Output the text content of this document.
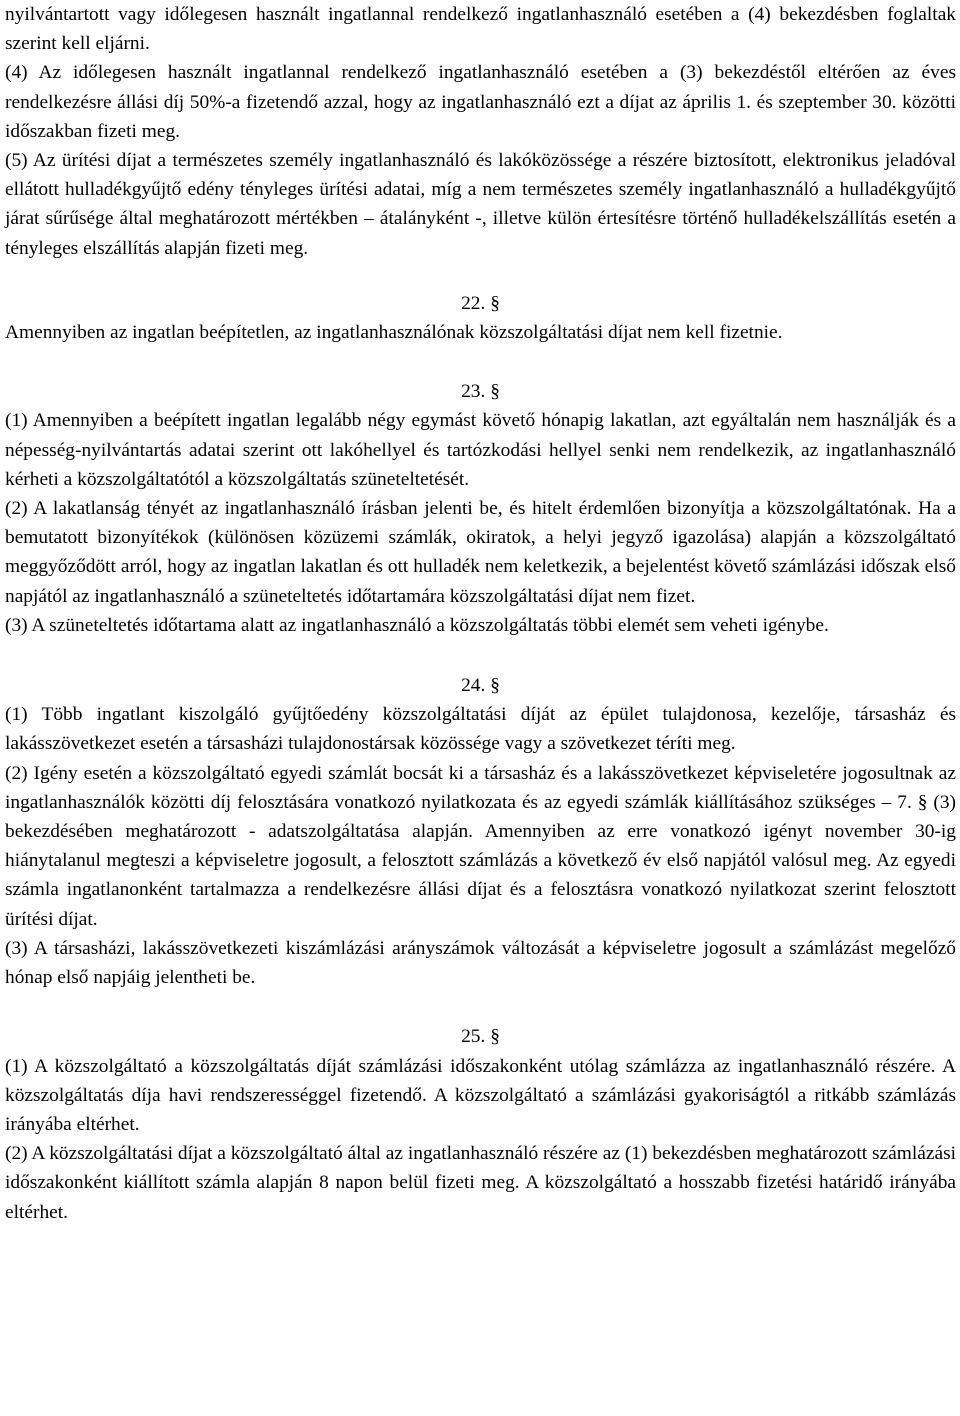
nyilvántartott vagy időlegesen használt ingatlannal rendelkező ingatlanhasználó esetében a (4) bekezdésben foglaltak szerint kell eljárni.

(4) Az időlegesen használt ingatlannal rendelkező ingatlanhasználó esetében a (3) bekezdéstől eltérően az éves rendelkezésre állási díj 50%-a fizetendő azzal, hogy az ingatlanhasználó ezt a díjat az április 1. és szeptember 30. közötti időszakban fizeti meg.

(5) Az ürítési díjat a természetes személy ingatlanhasználó és lakóközössége a részére biztosított, elektronikus jeladóval ellátott hulladékgyűjtő edény tényleges ürítési adatai, míg a nem természetes személy ingatlanhasználó a hulladékgyűjtő járat sűrűsége által meghatározott mértékben – átalányként -, illetve külön értesítésre történő hulladékelszállítás esetén a tényleges elszállítás alapján fizeti meg.

22. §

Amennyiben az ingatlan beépítetlen, az ingatlanhasználónak közszolgáltatási díjat nem kell fizetnie.

23. §

(1) Amennyiben a beépített ingatlan legalább négy egymást követő hónapig lakatlan, azt egyáltalán nem használják és a népesség-nyilvántartás adatai szerint ott lakóhellyel és tartózkodási hellyel senki nem rendelkezik, az ingatlanhasználó kérheti a közszolgáltatótól a közszolgáltatás szüneteltetését.

(2) A lakatlanság tényét az ingatlanhasználó írásban jelenti be, és hitelt érdemlően bizonyítja a közszolgáltatónak. Ha a bemutatott bizonyítékok (különösen közüzemi számlák, okiratok, a helyi jegyző igazolása) alapján a közszolgáltató meggyőződött arról, hogy az ingatlan lakatlan és ott hulladék nem keletkezik, a bejelentést követő számlázási időszak első napjától az ingatlanhasználó a szüneteltetés időtartamára közszolgáltatási díjat nem fizet.

(3) A szüneteltetés időtartama alatt az ingatlanhasználó a közszolgáltatás többi elemét sem veheti igénybe.

24. §

(1) Több ingatlant kiszolgáló gyűjtőedény közszolgáltatási díját az épület tulajdonosa, kezelője, társasház és lakásszövetkezet esetén a társasházi tulajdonostársak közössége vagy a szövetkezet téríti meg.

(2) Igény esetén a közszolgáltató egyedi számlát bocsát ki a társasház és a lakásszövetkezet képviseletére jogosultnak az ingatlanhasználók közötti díj felosztására vonatkozó nyilatkozata és az egyedi számlák kiállításához szükséges – 7. § (3) bekezdésében meghatározott - adatszolgáltatása alapján. Amennyiben az erre vonatkozó igényt november 30-ig hiánytalanul megteszi a képviseletre jogosult, a felosztott számlázás a következő év első napjától valósul meg. Az egyedi számla ingatlanonként tartalmazza a rendelkezésre állási díjat és a felosztásra vonatkozó nyilatkozat szerint felosztott ürítési díjat.

(3) A társasházi, lakásszövetkezeti kiszámlázási arányszámok változását a képviseletre jogosult a számlázást megelőző hónap első napjáig jelentheti be.

25. §

(1) A közszolgáltató a közszolgáltatás díját számlázási időszakonként utólag számlázza az ingatlanhasználó részére. A közszolgáltatás díja havi rendszerességgel fizetendő. A közszolgáltató a számlázási gyakoriságtól a ritkább számlázás irányába eltérhet.

(2) A közszolgáltatási díjat a közszolgáltató által az ingatlanhasználó részére az (1) bekezdésben meghatározott számlázási időszakonként kiállított számla alapján 8 napon belül fizeti meg. A közszolgáltató a hosszabb fizetési határidő irányába eltérhet.
